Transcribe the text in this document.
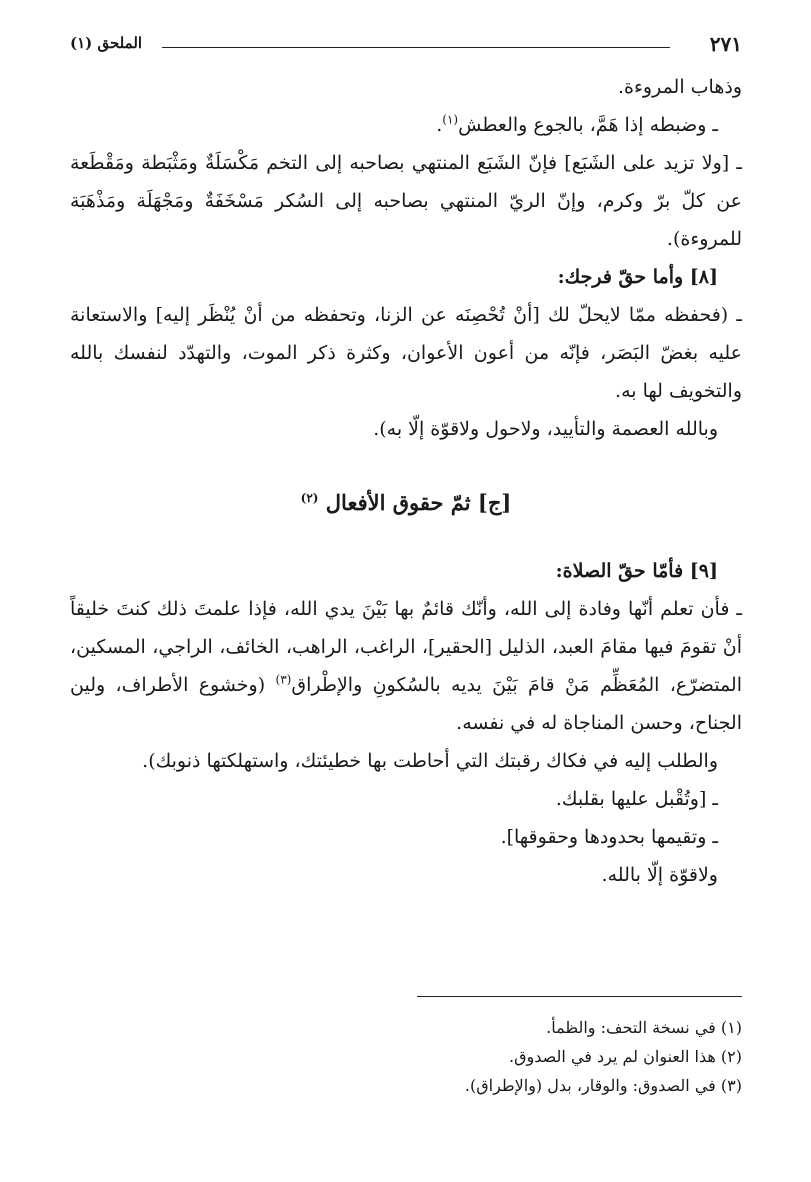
٢٧١
الملحق (١)

وذهاب المروءة.

ـ وضبطه إذا هَمَّ، بالجوع والعطش$^{(١)}$.

ـ [ولا تزيد على الشَبَع] فإنّ الشَبَع المنتهي بصاحبه إلى التخم مَكْسَلَةٌ ومَثْبَطة ومَقْطَعة عن كلّ برّ وكرم، وإنّ الريّ المنتهي بصاحبه إلى السُكر مَسْخَفَةٌ ومَجْهَلَة ومَذْهَبَة للمروءة).

[٨] وأما حقّ فرجك:

ـ (فحفظه ممّا لايحلّ لك [أنْ تُحْصِنَه عن الزنا، وتحفظه من أنْ يُنْظَر إليه] والاستعانة عليه بغضّ البَصَر، فإنّه من أعون الأعوان، وكثرة ذكر الموت، والتهدّد لنفسك بالله والتخويف لها به.

وبالله العصمة والتأييد، ولاحول ولاقوّة إلّا به).

[ج] ثمّ حقوق الأفعال $^{(٢)}$

[٩] فأمّا حقّ الصلاة:

ـ فأن تعلم أنّها وفادة إلى الله، وأنّك قائمٌ بها بَيْنَ يدي الله، فإذا علمتَ ذلك كنتَ خليقاً أنْ تقومَ فيها مقامَ العبد، الذليل [الحقير]، الراغب، الراهب، الخائف، الراجي، المسكين، المتضرّع، المُعَظِّم مَنْ قامَ بَيْنَ يديه بالسُكونِ والإطْراق$^{(٣)}$ (وخشوع الأطراف، ولين الجناح، وحسن المناجاة له في نفسه.

والطلب إليه في فكاك رقبتك التي أحاطت بها خطيئتك، واستهلكتها ذنوبك).

ـ [وتُقْبل عليها بقلبك.

ـ وتقيمها بحدودها وحقوقها].

ولاقوّة إلّا بالله.

(١) في نسخة التحف: والظمأ.

(٢) هذا العنوان لم يرد في الصدوق.

(٣) في الصدوق: والوقار، بدل (والإطراق).
